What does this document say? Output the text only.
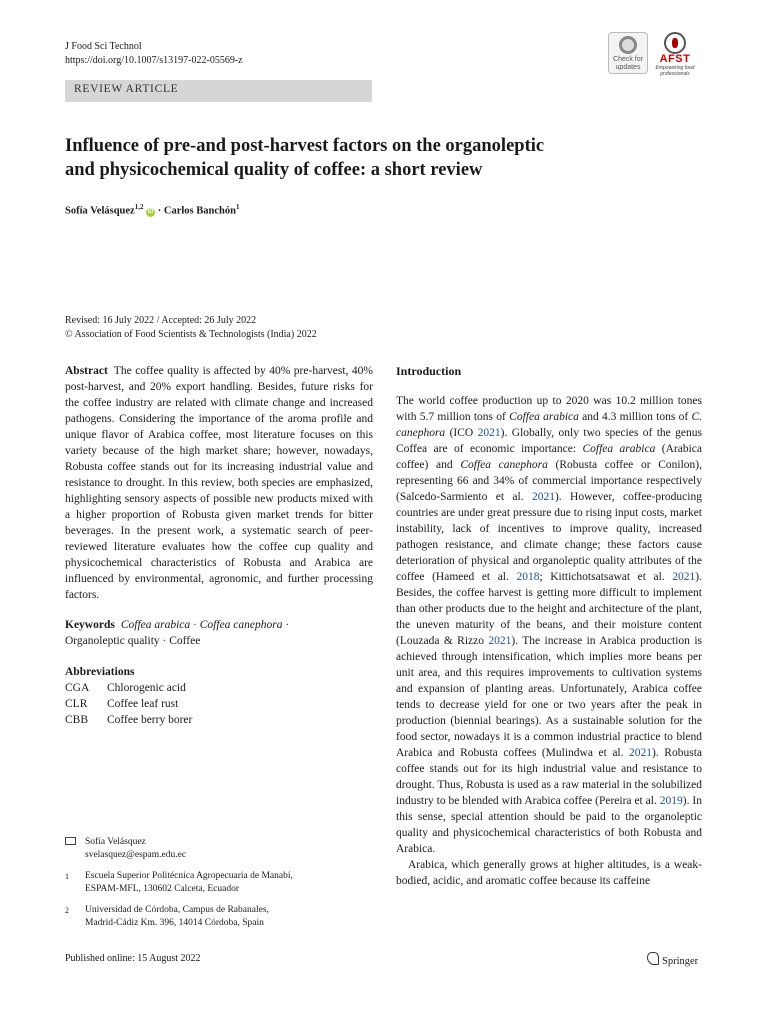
J Food Sci Technol
https://doi.org/10.1007/s13197-022-05569-z	Check for
updates
AFST
Empowering food professionals
REVIEW ARTICLE
Influence of pre-and post-harvest factors on the organoleptic
and physicochemical quality of coffee: a short review
Sofía Velásquez$^{1,2}$ iD · Carlos Banchón$^1$
Revised: 16 July 2022 / Accepted: 26 July 2022
© Association of Food Scientists & Technologists (India) 2022
Abstract The coffee quality is affected by 40% pre-harvest, 40% post-harvest, and 20% export handling. Besides, future risks for the coffee industry are related with climate change and increased pathogens. Considering the importance of the aroma profile and unique flavor of Arabica coffee, most literature focuses on this variety because of the high market share; however, nowadays, Robusta coffee stands out for its increasing industrial value and resistance to drought. In this review, both species are emphasized, highlighting sensory aspects of possible new products mixed with a higher proportion of Robusta given market trends for bitter beverages. In the present work, a systematic search of peer-reviewed literature evaluates how the coffee cup quality and physicochemical characteristics of Robusta and Arabica are influenced by environmental, agronomic, and further processing factors.
Keywords Coffea arabica · Coffea canephora ·
Organoleptic quality · Coffee
Abbreviations
CGA	Chlorogenic acid
CLR	Coffee leaf rust
CBB	Coffee berry borer
Sofía Velásquez
svelasquez@espam.edu.ec
1	Escuela Superior Politécnica Agropecuaria de Manabí,
ESPAM-MFL, 130602 Calceta, Ecuador
2	Universidad de Córdoba, Campus de Rabanales,
Madrid-Cádiz Km. 396, 14014 Córdoba, Spain
Introduction
The world coffee production up to 2020 was 10.2 million tones with 5.7 million tons of Coffea arabica and 4.3 million tons of C. canephora (ICO 2021). Globally, only two species of the genus Coffea are of economic importance: Coffea arabica (Arabica coffee) and Coffea canephora (Robusta coffee or Conilon), representing 66 and 34% of commercial importance respectively (Salcedo-Sarmiento et al. 2021). However, coffee-producing countries are under great pressure due to rising input costs, market instability, lack of incentives to improve quality, increased pathogen resistance, and climate change; these factors cause deterioration of physical and organoleptic quality attributes of the coffee (Hameed et al. 2018; Kittichotsatsawat et al. 2021). Besides, the coffee harvest is getting more difficult to implement than other products due to the height and architecture of the plant, the uneven maturity of the beans, and their moisture content (Louzada & Rizzo 2021). The increase in Arabica production is achieved through intensification, which implies more beans per unit area, and this requires improvements to cultivation systems and expansion of planting areas. Unfortunately, Arabica coffee tends to decrease yield for one or two years after the peak in production (biennial bearings). As a sustainable solution for the food sector, nowadays it is a common industrial practice to blend Arabica and Robusta coffees (Mulindwa et al. 2021). Robusta coffee stands out for its high industrial value and resistance to drought. Thus, Robusta is used as a raw material in the solubilized industry to be blended with Arabica coffee (Pereira et al. 2019). In this sense, special attention should be paid to the organoleptic quality and physicochemical characteristics of both Robusta and Arabica.
Arabica, which generally grows at higher altitudes, is a weak-bodied, acidic, and aromatic coffee because its caffeine
Published online: 15 August 2022	Springer
